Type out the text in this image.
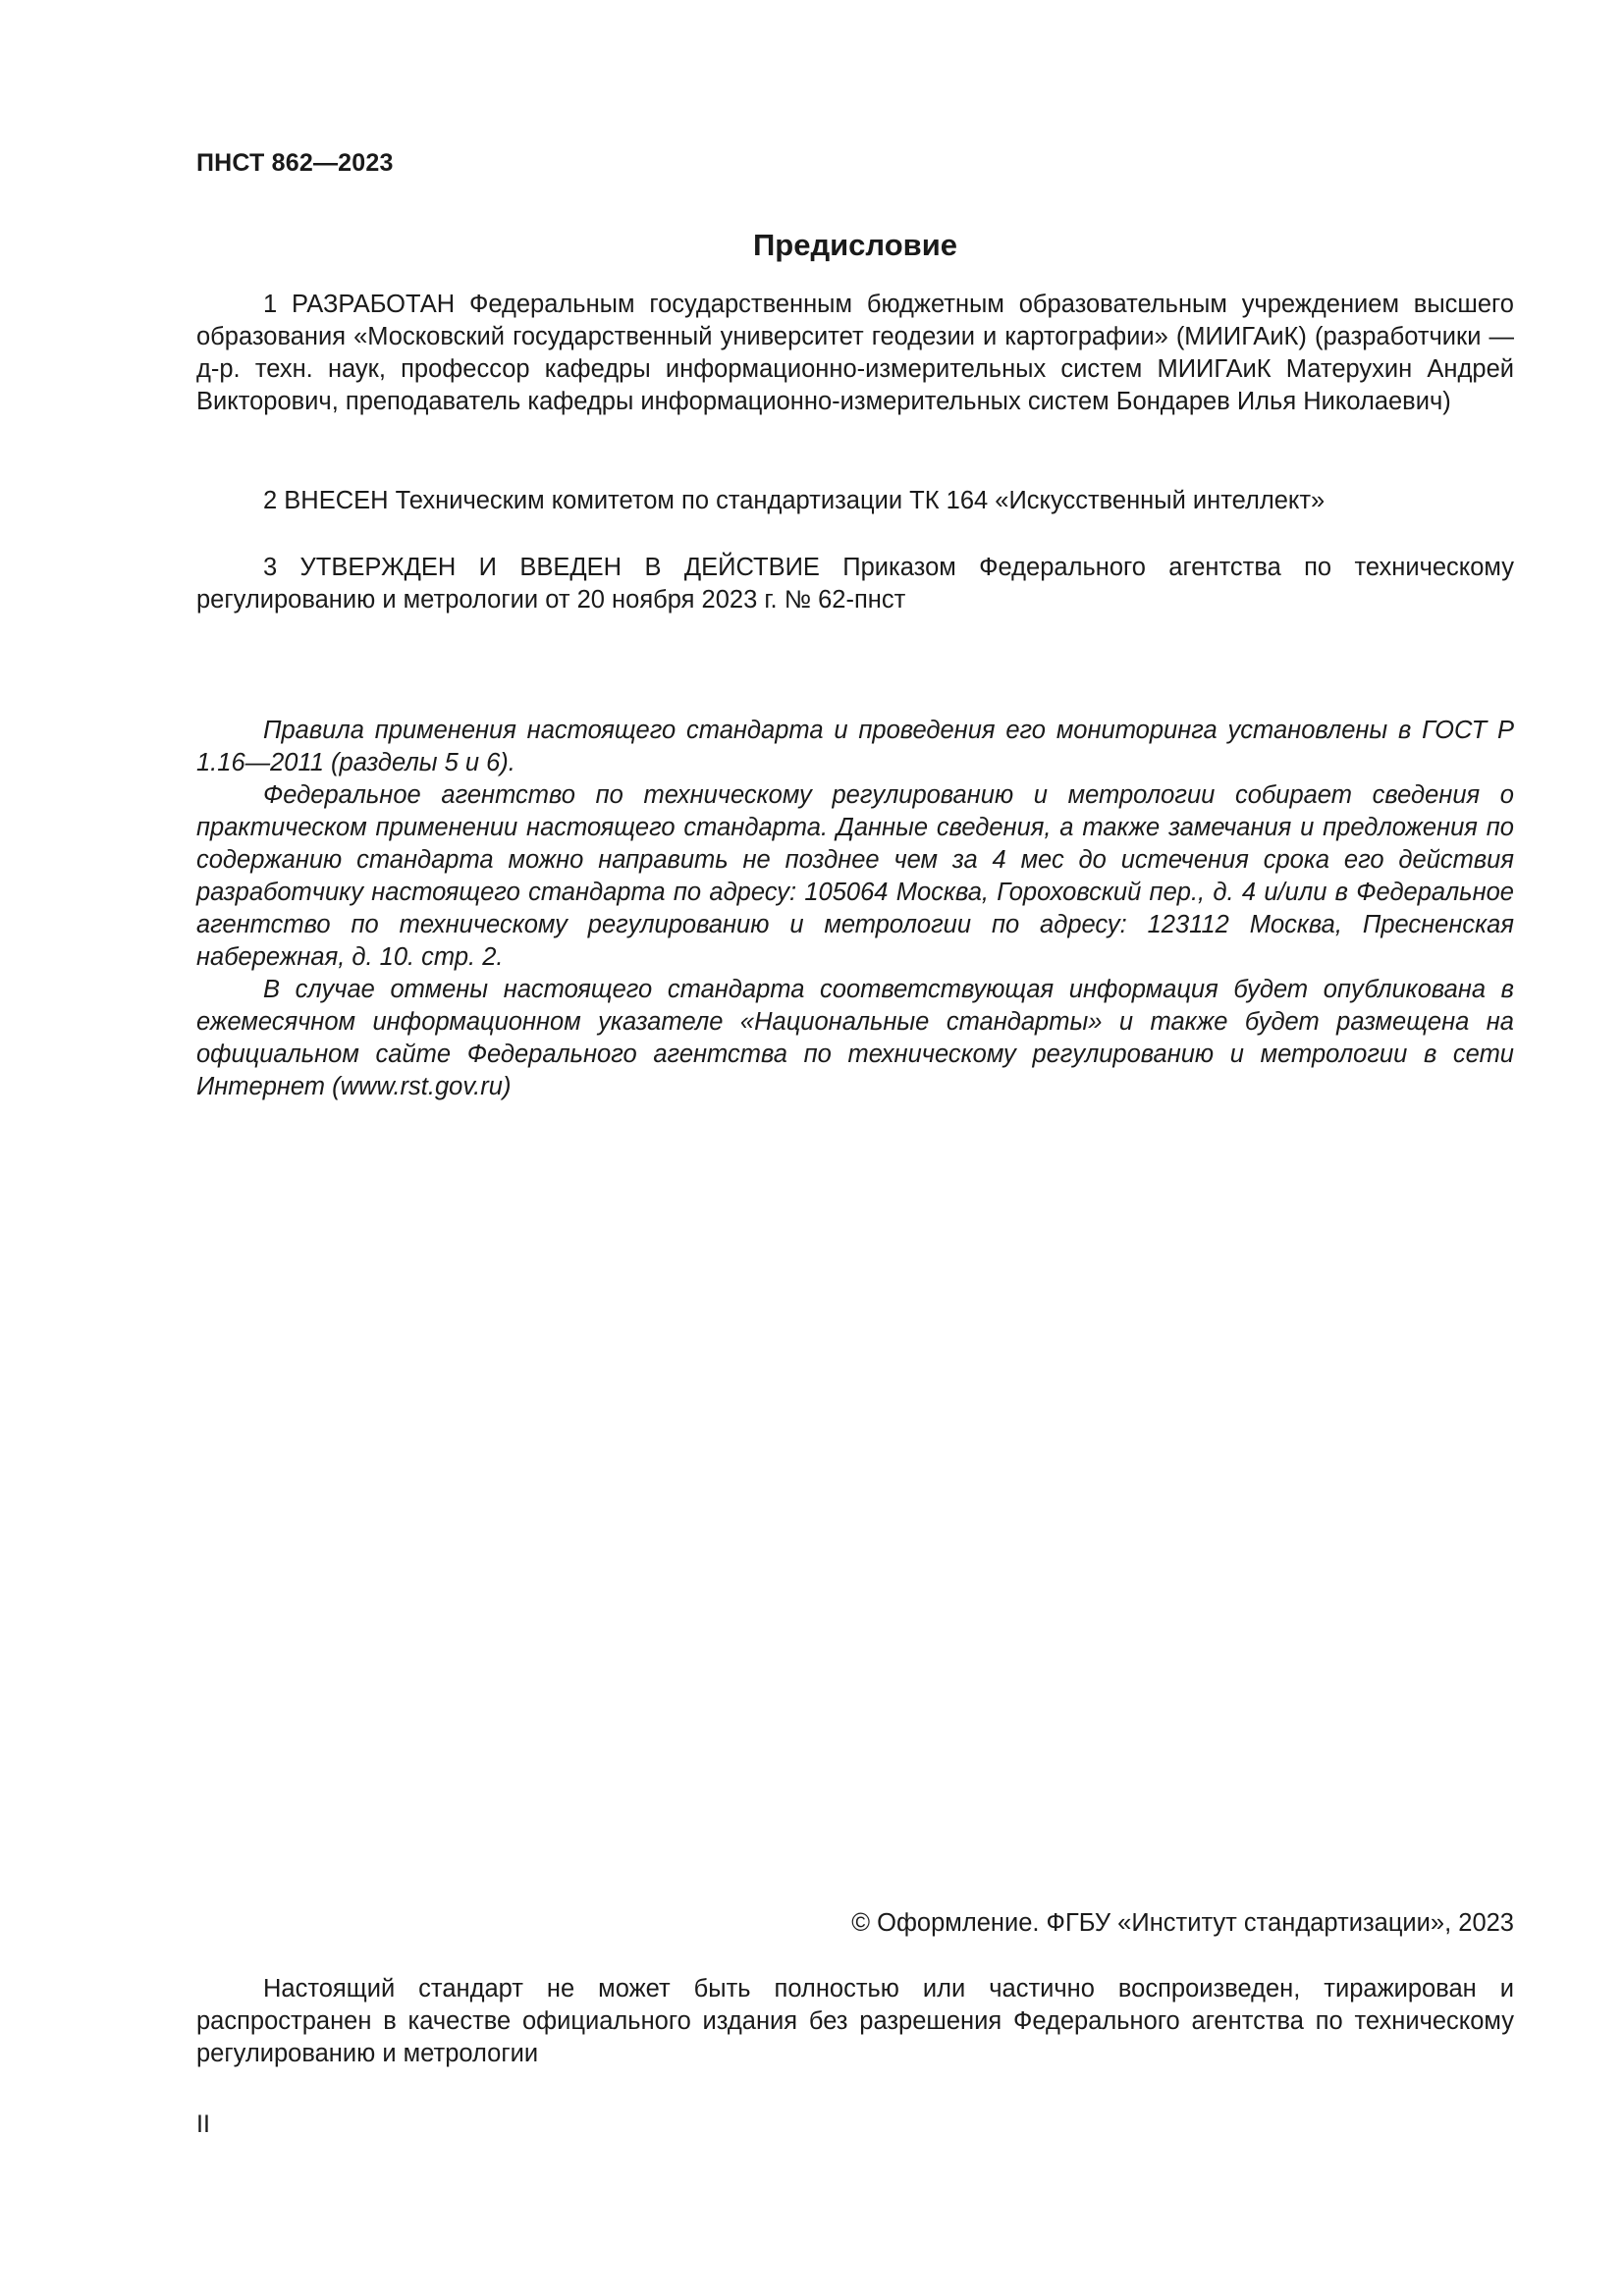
ПНСТ 862—2023
Предисловие

1 РАЗРАБОТАН Федеральным государственным бюджетным образовательным учреждением высшего образования «Московский государственный университет геодезии и картографии» (МИИГАиК) (разработчики — д-р. техн. наук, профессор кафедры информационно-измерительных систем МИИГАиК Матерухин Андрей Викторович, преподаватель кафедры информационно-измерительных систем Бондарев Илья Николаевич)

2 ВНЕСЕН Техническим комитетом по стандартизации ТК 164 «Искусственный интеллект»

3 УТВЕРЖДЕН И ВВЕДЕН В ДЕЙСТВИЕ Приказом Федерального агентства по техническому регулированию и метрологии от 20 ноября 2023 г. № 62-пнст

Правила применения настоящего стандарта и проведения его мониторинга установлены в ГОСТ Р 1.16—2011 (разделы 5 и 6).

Федеральное агентство по техническому регулированию и метрологии собирает сведения о практическом применении настоящего стандарта. Данные сведения, а также замечания и предложения по содержанию стандарта можно направить не позднее чем за 4 мес до истечения срока его действия разработчику настоящего стандарта по адресу: 105064 Москва, Гороховский пер., д. 4 и/или в Федеральное агентство по техническому регулированию и метрологии по адресу: 123112 Москва, Пресненская набережная, д. 10. стр. 2.

В случае отмены настоящего стандарта соответствующая информация будет опубликована в ежемесячном информационном указателе «Национальные стандарты» и также будет размещена на официальном сайте Федерального агентства по техническому регулированию и метрологии в сети Интернет (www.rst.gov.ru)

© Оформление. ФГБУ «Институт стандартизации», 2023

Настоящий стандарт не может быть полностью или частично воспроизведен, тиражирован и распространен в качестве официального издания без разрешения Федерального агентства по техническому регулированию и метрологии

II
